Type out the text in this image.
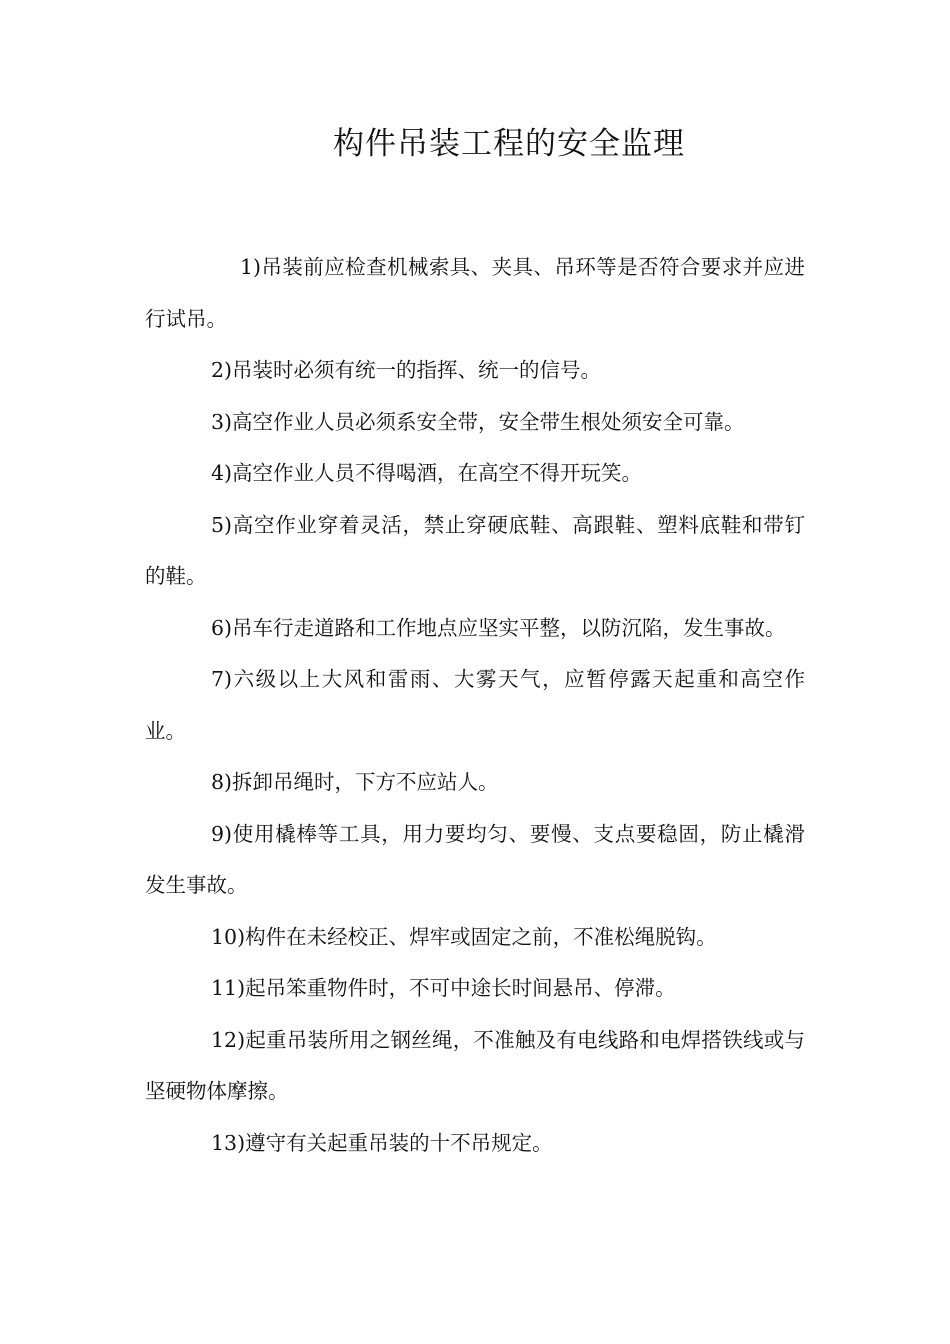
构件吊装工程的安全监理

1)吊装前应检查机械索具、夹具、吊环等是否符合要求并应进行试吊。

2)吊装时必须有统一的指挥、统一的信号。

3)高空作业人员必须系安全带，安全带生根处须安全可靠。

4)高空作业人员不得喝酒，在高空不得开玩笑。

5)高空作业穿着灵活，禁止穿硬底鞋、高跟鞋、塑料底鞋和带钉的鞋。

6)吊车行走道路和工作地点应坚实平整，以防沉陷，发生事故。

7)六级以上大风和雷雨、大雾天气，应暂停露天起重和高空作业。

8)拆卸吊绳时，下方不应站人。

9)使用橇棒等工具，用力要均匀、要慢、支点要稳固，防止橇滑发生事故。

10)构件在未经校正、焊牢或固定之前，不准松绳脱钩。

11)起吊笨重物件时，不可中途长时间悬吊、停滞。

12)起重吊装所用之钢丝绳，不准触及有电线路和电焊搭铁线或与坚硬物体摩擦。

13)遵守有关起重吊装的十不吊规定。
